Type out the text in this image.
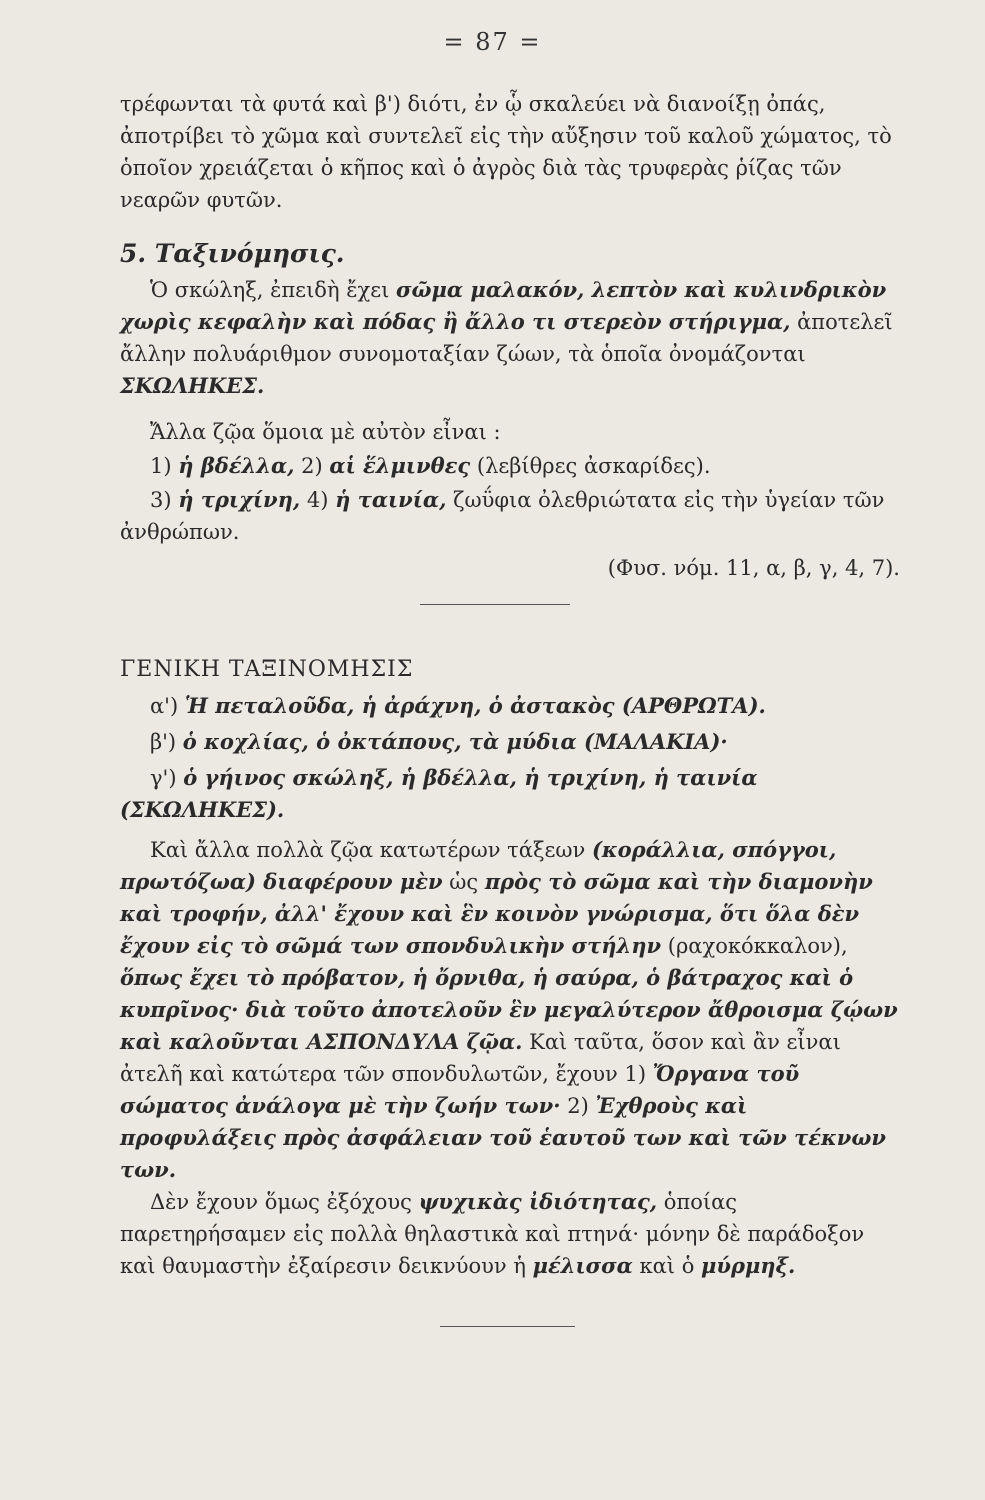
= 87 =
τρέφωνται τὰ φυτά καὶ β') διότι, ἐν ᾧ σκαλεύει νὰ διανοίξῃ ὀπάς, ἀποτρίβει τὸ χῶμα καὶ συντελεῖ εἰς τὴν αὔξησιν τοῦ καλοῦ χώματος, τὸ ὁποῖον χρειάζεται ὁ κῆπος καὶ ὁ ἀγρὸς διὰ τὰς τρυφερὰς ῥίζας τῶν νεαρῶν φυτῶν.
5. Ταξινόμησις.
Ὁ σκώληξ, ἐπειδὴ ἔχει σῶμα μαλακόν, λεπτὸν καὶ κυλινδρικὸν χωρὶς κεφαλὴν καὶ πόδας ἢ ἄλλο τι στερεὸν στήριγμα, ἀποτελεῖ ἄλλην πολυάριθμον συνομοταξίαν ζώων, τὰ ὁποῖα ὀνομάζονται ΣΚΩΛΗΚΕΣ.
Ἄλλα ζῷα ὅμοια μὲ αὐτὸν εἶναι :
1) ἡ βδέλλα, 2) αἱ ἕλμινθες (λεβίθρες ἀσκαρίδες).
3) ἡ τριχίνη, 4) ἡ ταινία, ζωΰφια ὀλεθριώτατα εἰς τὴν ὑγείαν τῶν ἀνθρώπων.
(Φυσ. νόμ. 11, α, β, γ, 4, 7).
ΓΕΝΙΚΗ ΤΑΞΙΝΟΜΗΣΙΣ
α') Ἡ πεταλοῦδα, ἡ ἀράχνη, ὁ ἀστακὸς (ΑΡΘΡΩΤΑ).
β') ὁ κοχλίας, ὁ ὀκτάπους, τὰ μύδια (ΜΑΛΑΚΙΑ)·
γ') ὁ γήινος σκώληξ, ἡ βδέλλα, ἡ τριχίνη, ἡ ταινία (ΣΚΩΛΗΚΕΣ).
Καὶ ἄλλα πολλὰ ζῷα κατωτέρων τάξεων (κοράλλια, σπόγγοι, πρωτόζωα) διαφέρουν μὲν ὡς πρὸς τὸ σῶμα καὶ τὴν διαμονὴν καὶ τροφήν, ἀλλ' ἔχουν καὶ ἓν κοινὸν γνώρισμα, ὅτι ὅλα δὲν ἔχουν εἰς τὸ σῶμά των σπονδυλικὴν στήλην (ραχοκόκκαλον), ὅπως ἔχει τὸ πρόβατον, ἡ ὄρνιθα, ἡ σαύρα, ὁ βάτραχος καὶ ὁ κυπρῖνος· διὰ τοῦτο ἀποτελοῦν ἓν μεγαλύτερον ἄθροισμα ζῴων καὶ καλοῦνται ΑΣΠΟΝΔΥΛΑ ζῷα. Καὶ ταῦτα, ὅσον καὶ ἂν εἶναι ἀτελῆ καὶ κατώτερα τῶν σπονδυλωτῶν, ἔχουν 1) Ὄργανα τοῦ σώματος ἀνάλογα μὲ τὴν ζωήν των· 2) Ἐχθροὺς καὶ προφυλάξεις πρὸς ἀσφάλειαν τοῦ ἑαυτοῦ των καὶ τῶν τέκνων των.
Δὲν ἔχουν ὅμως ἐξόχους ψυχικὰς ἰδιότητας, ὁποίας παρετηρήσαμεν εἰς πολλὰ θηλαστικὰ καὶ πτηνά· μόνην δὲ παράδοξον καὶ θαυμαστὴν ἐξαίρεσιν δεικνύουν ἡ μέλισσα καὶ ὁ μύρμηξ.
